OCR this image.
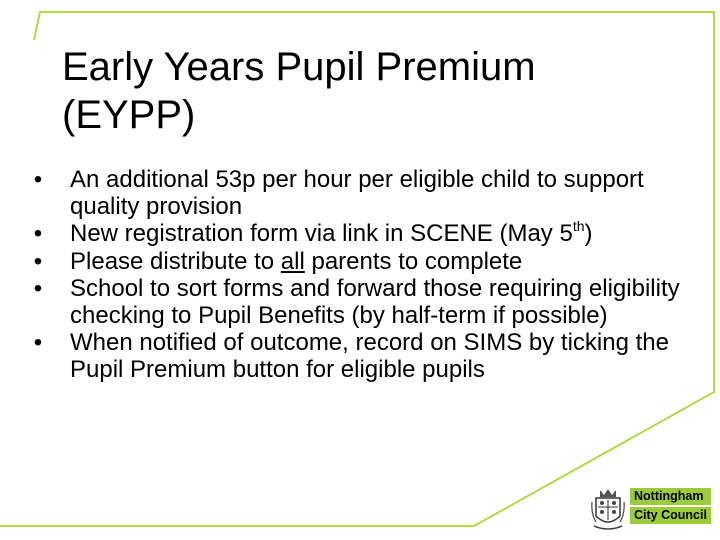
Early Years Pupil Premium
(EYPP)
• An additional 53p per hour per eligible child to support quality provision
• New registration form via link in SCENE (May 5th)
• Please distribute to all parents to complete
• School to sort forms and forward those requiring eligibility checking to Pupil Benefits (by half-term if possible)
• When notified of outcome, record on SIMS by ticking the Pupil Premium button for eligible pupils
Nottingham
City Council
